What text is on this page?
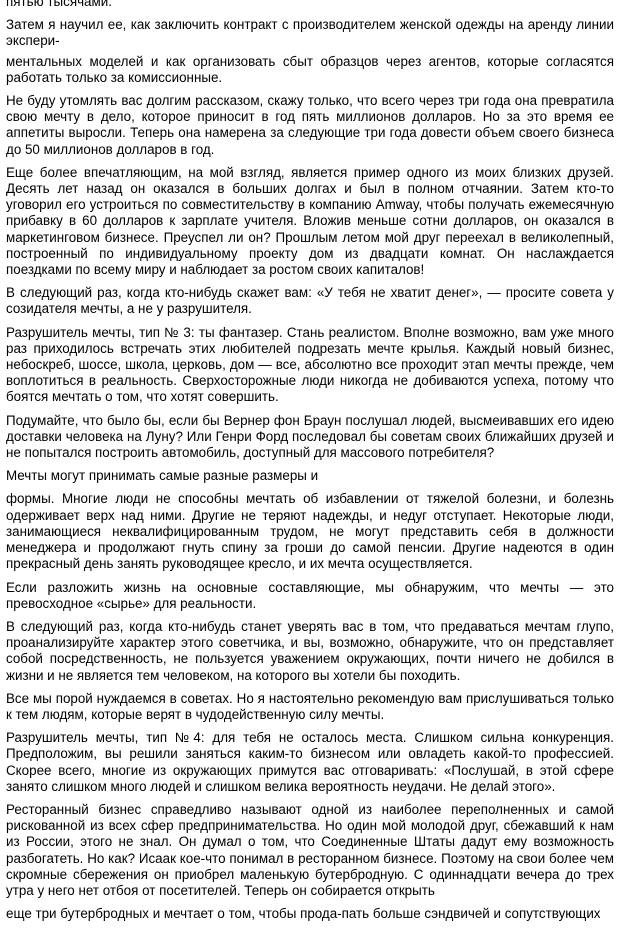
пятью тысячами.

Затем я научил ее, как заключить контракт с производителем женской одежды на аренду линии экспери-

ментальных моделей и как организовать сбыт образцов через агентов, которые согласятся работать только за комиссионные.

Не буду утомлять вас долгим рассказом, скажу только, что всего через три года она превратила свою мечту в дело, которое приносит в год пять миллионов долларов. Но за это время ее аппетиты выросли. Теперь она намерена за следующие три года довести объем своего бизнеса до 50 миллионов долларов в год.

Еще более впечатляющим, на мой взгляд, является пример одного из моих близких друзей. Десять лет назад он оказался в больших долгах и был в полном отчаянии. Затем кто-то уговорил его устроиться по совместительству в компанию Amway, чтобы получать ежемесячную прибавку в 60 долларов к зарплате учителя. Вложив меньше сотни долларов, он оказался в маркетинговом бизнесе. Преуспел ли он? Прошлым летом мой друг переехал в великолепный, построенный по индивидуальному проекту дом из двадцати комнат. Он наслаждается поездками по всему миру и наблюдает за ростом своих капиталов!

В следующий раз, когда кто-нибудь скажет вам: «У тебя не хватит денег», — просите совета у созидателя мечты, а не у разрушителя.

Разрушитель мечты, тип № 3: ты фантазер. Стань реалистом. Вполне возможно, вам уже много раз приходилось встречать этих любителей подрезать мечте крылья. Каждый новый бизнес, небоскреб, шоссе, школа, церковь, дом — все, абсолютно все проходит этап мечты прежде, чем воплотиться в реальность. Сверхосторожные люди никогда не добиваются успеха, потому что боятся мечтать о том, что хотят совершить.

Подумайте, что было бы, если бы Вернер фон Браун послушал людей, высмеивавших его идею доставки человека на Луну? Или Генри Форд последовал бы советам своих ближайших друзей и не попытался построить автомобиль, доступный для массового потребителя?

Мечты могут принимать самые разные размеры и

формы. Многие люди не способны мечтать об избавлении от тяжелой болезни, и болезнь одерживает верх над ними. Другие не теряют надежды, и недуг отступает. Некоторые люди, занимающиеся неквалифицированным трудом, не могут представить себя в должности менеджера и продолжают гнуть спину за гроши до самой пенсии. Другие надеются в один прекрасный день занять руководящее кресло, и их мечта осуществляется.

Если разложить жизнь на основные составляющие, мы обнаружим, что мечты — это превосходное «сырье» для реальности.

В следующий раз, когда кто-нибудь станет уверять вас в том, что предаваться мечтам глупо, проанализируйте характер этого советчика, и вы, возможно, обнаружите, что он представляет собой посредственность, не пользуется уважением окружающих, почти ничего не добился в жизни и не является тем человеком, на которого вы хотели бы походить.

Все мы порой нуждаемся в советах. Но я настоятельно рекомендую вам прислушиваться только к тем людям, которые верят в чудодейственную силу мечты.

Разрушитель мечты, тип №4: для тебя не осталось места. Слишком сильна конкуренция. Предположим, вы решили заняться каким-то бизнесом или овладеть какой-то профессией. Скорее всего, многие из окружающих примутся вас отговаривать: «Послушай, в этой сфере занято слишком много людей и слишком велика вероятность неудачи. Не делай этого».

Ресторанный бизнес справедливо называют одной из наиболее переполненных и самой рискованной из всех сфер предпринимательства. Но один мой молодой друг, сбежавший к нам из России, этого не знал. Он думал о том, что Соединенные Штаты дадут ему возможность разбогатеть. Но как? Исаак кое-что понимал в ресторанном бизнесе. Поэтому на свои более чем скромные сбережения он приобрел маленькую бутербродную. С одиннадцати вечера до трех утра у него нет отбоя от посетителей. Теперь он собирается открыть

еще три бутербродных и мечтает о том, чтобы прода-пать больше сэндвичей и сопутствующих
